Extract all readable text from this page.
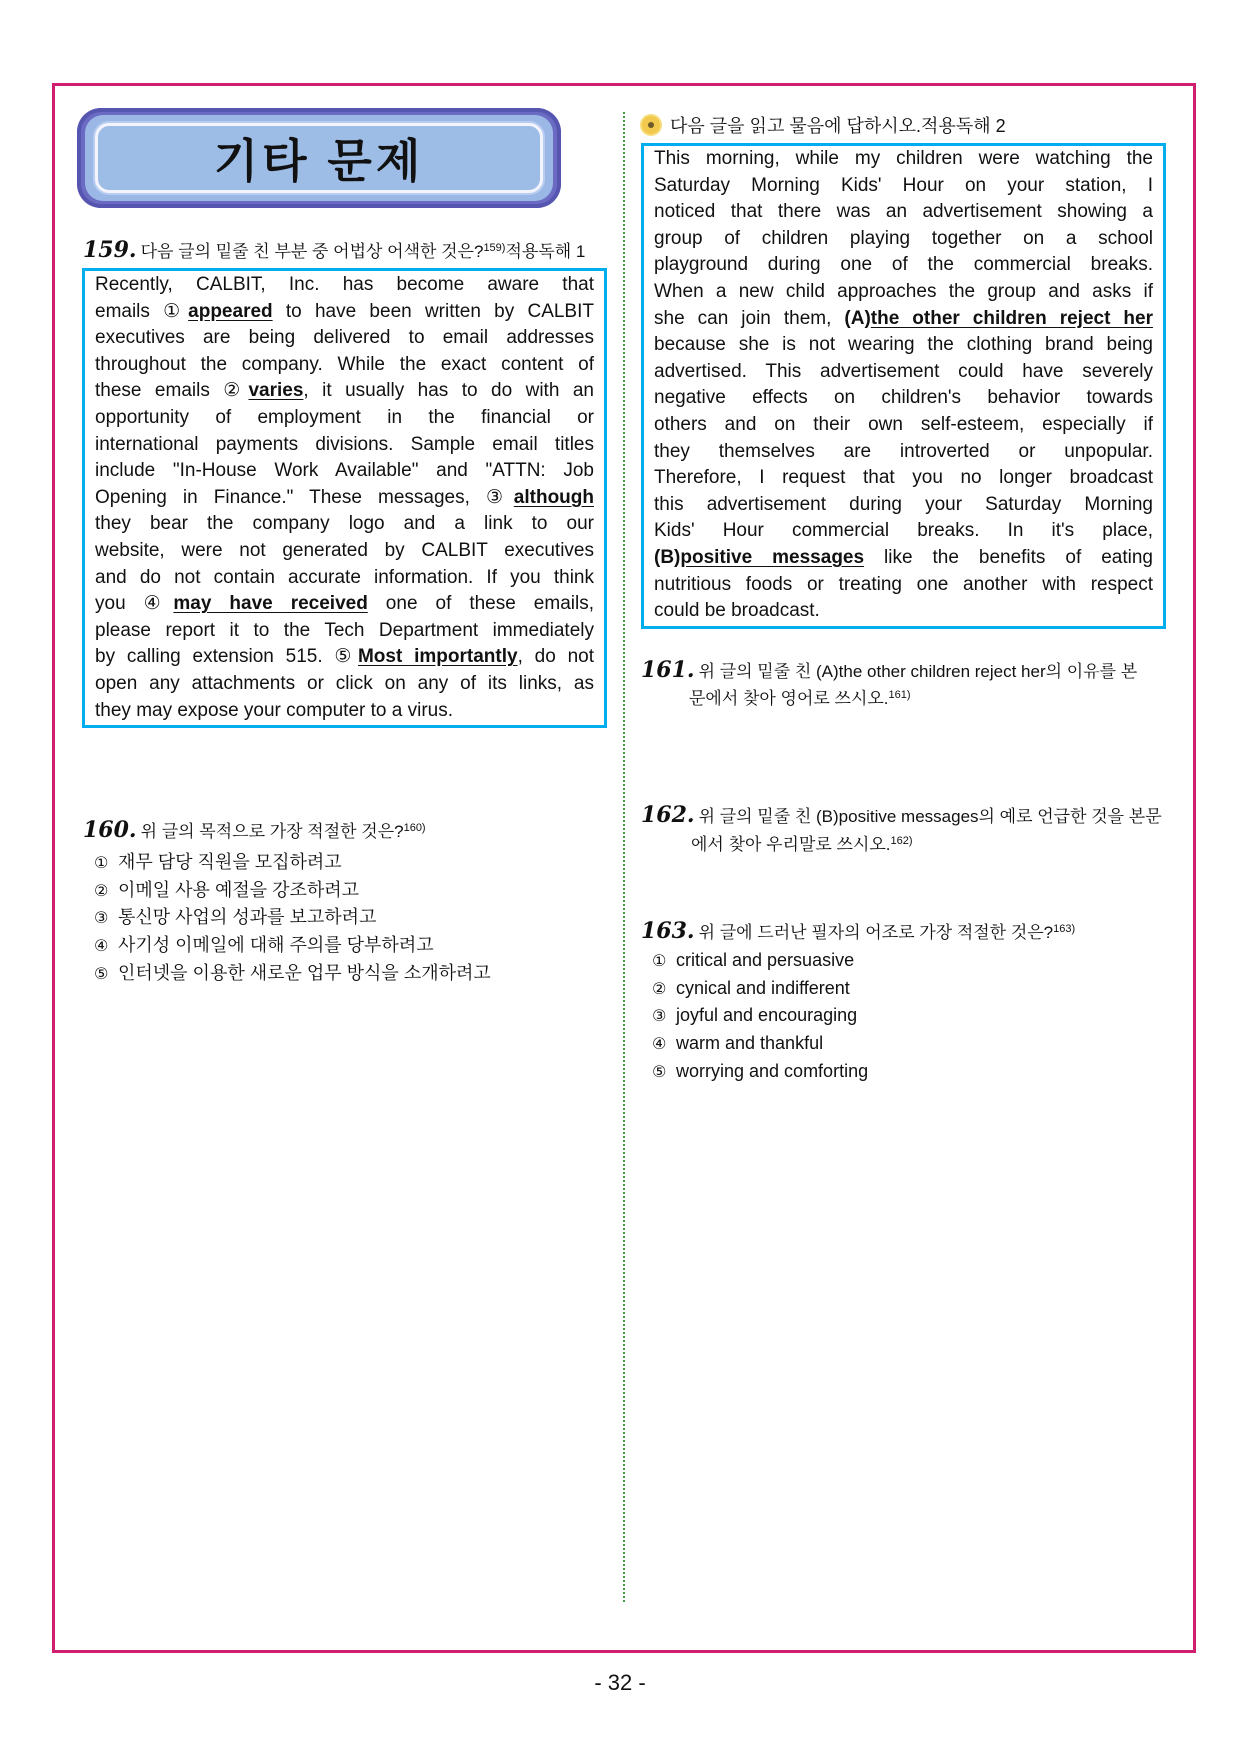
기타 문제
159. 다음 글의 밑줄 친 부분 중 어법상 어색한 것은?$^{159)}$적용독해 1
Recently, CALBIT, Inc. has become aware that
emails ①appeared to have been written by CALBIT
executives are being delivered to email addresses
throughout the company. While the exact content of
these emails ②varies, it usually has to do with an
opportunity of employment in the financial or
international payments divisions. Sample email titles
include "In-House Work Available" and "ATTN: Job
Opening in Finance." These messages, ③although
they bear the company logo and a link to our
website, were not generated by CALBIT executives
and do not contain accurate information. If you think
you ④may have received one of these emails,
please report it to the Tech Department immediately
by calling extension 515. ⑤Most importantly, do not
open any attachments or click on any of its links, as
they may expose your computer to a virus.
160. 위 글의 목적으로 가장 적절한 것은?$^{160)}$
① 재무 담당 직원을 모집하려고
② 이메일 사용 예절을 강조하려고
③ 통신망 사업의 성과를 보고하려고
④ 사기성 이메일에 대해 주의를 당부하려고
⑤ 인터넷을 이용한 새로운 업무 방식을 소개하려고
다음 글을 읽고 물음에 답하시오.적용독해 2
This morning, while my children were watching the
Saturday Morning Kids' Hour on your station, I
noticed that there was an advertisement showing a
group of children playing together on a school
playground during one of the commercial breaks.
When a new child approaches the group and asks if
she can join them, (A)the other children reject her
because she is not wearing the clothing brand being
advertised. This advertisement could have severely
negative effects on children's behavior towards
others and on their own self-esteem, especially if
they themselves are introverted or unpopular.
Therefore, I request that you no longer broadcast
this advertisement during your Saturday Morning
Kids' Hour commercial breaks. In it's place,
(B)positive messages like the benefits of eating
nutritious foods or treating one another with respect
could be broadcast.
161. 위 글의 밑줄 친 (A)the other children reject her의 이유를 본
문에서 찾아 영어로 쓰시오.$^{161)}$
162. 위 글의 밑줄 친 (B)positive messages의 예로 언급한 것을 본문
에서 찾아 우리말로 쓰시오.$^{162)}$
163. 위 글에 드러난 필자의 어조로 가장 적절한 것은?$^{163)}$
① critical and persuasive
② cynical and indifferent
③ joyful and encouraging
④ warm and thankful
⑤ worrying and comforting
- 32 -
